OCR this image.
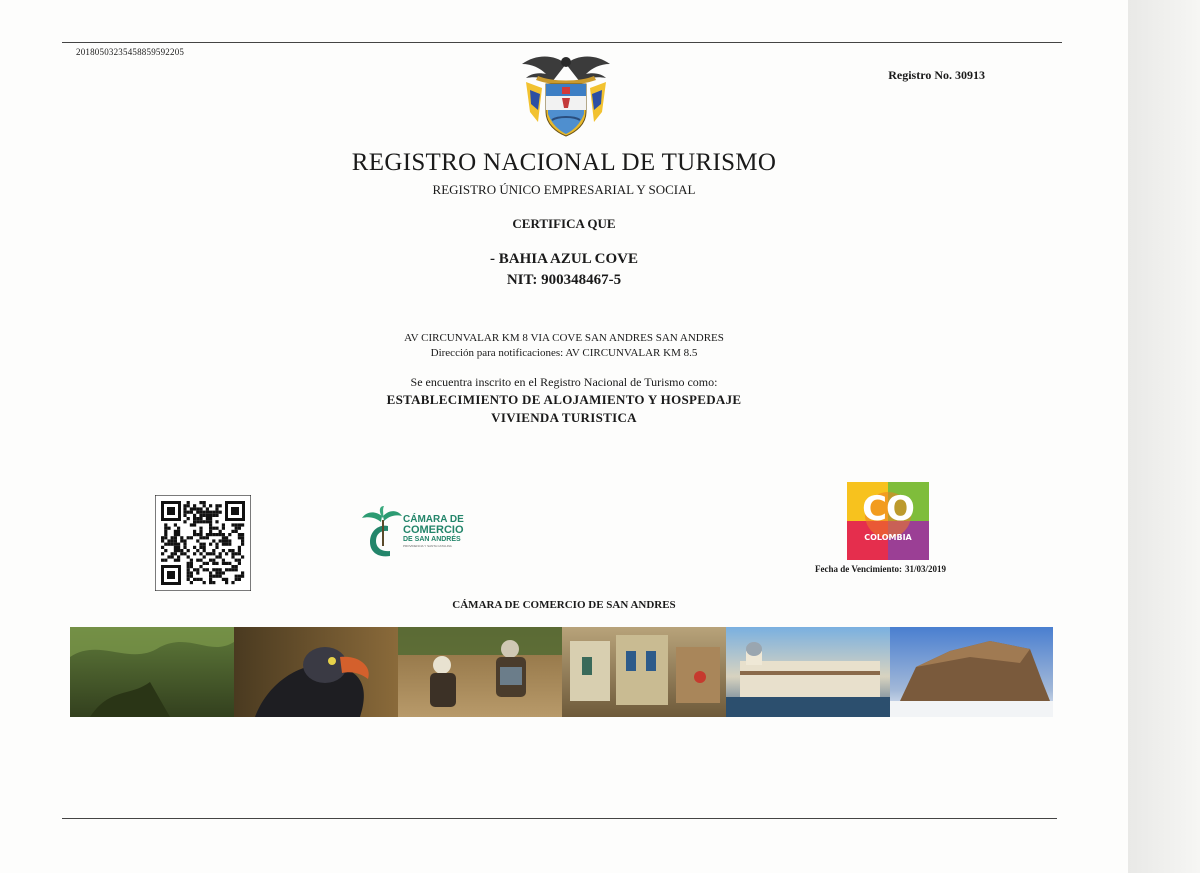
20180503235458859592205
Registro No. 30913
REGISTRO NACIONAL DE TURISMO
REGISTRO ÚNICO EMPRESARIAL Y SOCIAL
CERTIFICA QUE
- BAHIA AZUL COVE
NIT: 900348467-5
AV CIRCUNVALAR KM 8 VIA COVE SAN ANDRES SAN ANDRES
Dirección para notificaciones: AV CIRCUNVALAR KM 8.5
Se encuentra inscrito en el Registro Nacional de Turismo como:
ESTABLECIMIENTO DE ALOJAMIENTO Y HOSPEDAJE
VIVIENDA TURISTICA
CÁMARA DE
COMERCIO
DE SAN ANDRÉS
PROVIDENCIA Y SANTA CATALINA
CO
COLOMBIA
Fecha de Vencimiento: 31/03/2019
CÁMARA DE COMERCIO DE SAN ANDRES
